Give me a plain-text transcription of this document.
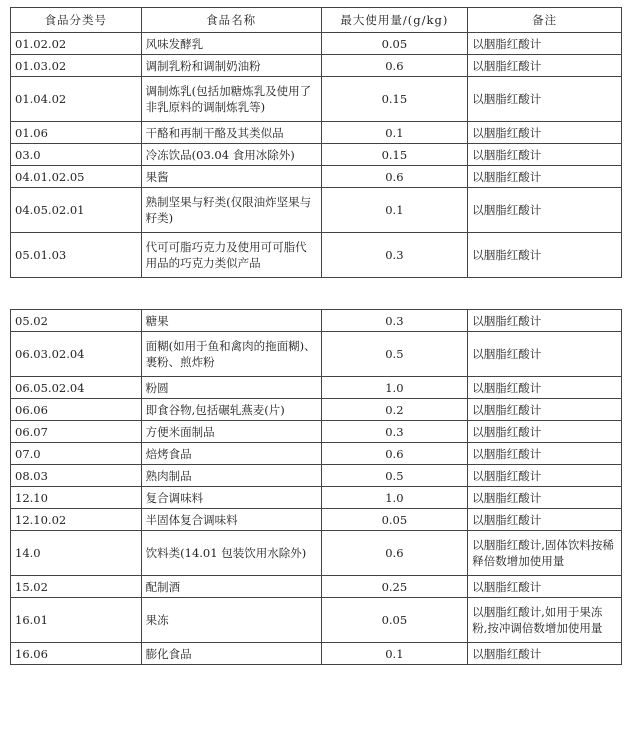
食品分类号	食品名称	最大使用量/(g/kg)	备注
01.02.02	风味发酵乳	0.05	以胭脂红酸计
01.03.02	调制乳粉和调制奶油粉	0.6	以胭脂红酸计
01.04.02	调制炼乳(包括加糖炼乳及使用了非乳原料的调制炼乳等)	0.15	以胭脂红酸计
01.06	干酪和再制干酪及其类似品	0.1	以胭脂红酸计
03.0	冷冻饮品(03.04 食用冰除外)	0.15	以胭脂红酸计
04.01.02.05	果酱	0.6	以胭脂红酸计
04.05.02.01	熟制坚果与籽类(仅限油炸坚果与籽类)	0.1	以胭脂红酸计
05.01.03	代可可脂巧克力及使用可可脂代用品的巧克力类似产品	0.3	以胭脂红酸计
05.02	糖果	0.3	以胭脂红酸计
06.03.02.04	面糊(如用于鱼和禽肉的拖面糊)、裹粉、煎炸粉	0.5	以胭脂红酸计
06.05.02.04	粉圆	1.0	以胭脂红酸计
06.06	即食谷物,包括碾轧燕麦(片)	0.2	以胭脂红酸计
06.07	方便米面制品	0.3	以胭脂红酸计
07.0	焙烤食品	0.6	以胭脂红酸计
08.03	熟肉制品	0.5	以胭脂红酸计
12.10	复合调味料	1.0	以胭脂红酸计
12.10.02	半固体复合调味料	0.05	以胭脂红酸计
14.0	饮料类(14.01 包装饮用水除外)	0.6	以胭脂红酸计,固体饮料按稀释倍数增加使用量
15.02	配制酒	0.25	以胭脂红酸计
16.01	果冻	0.05	以胭脂红酸计,如用于果冻粉,按冲调倍数增加使用量
16.06	膨化食品	0.1	以胭脂红酸计
